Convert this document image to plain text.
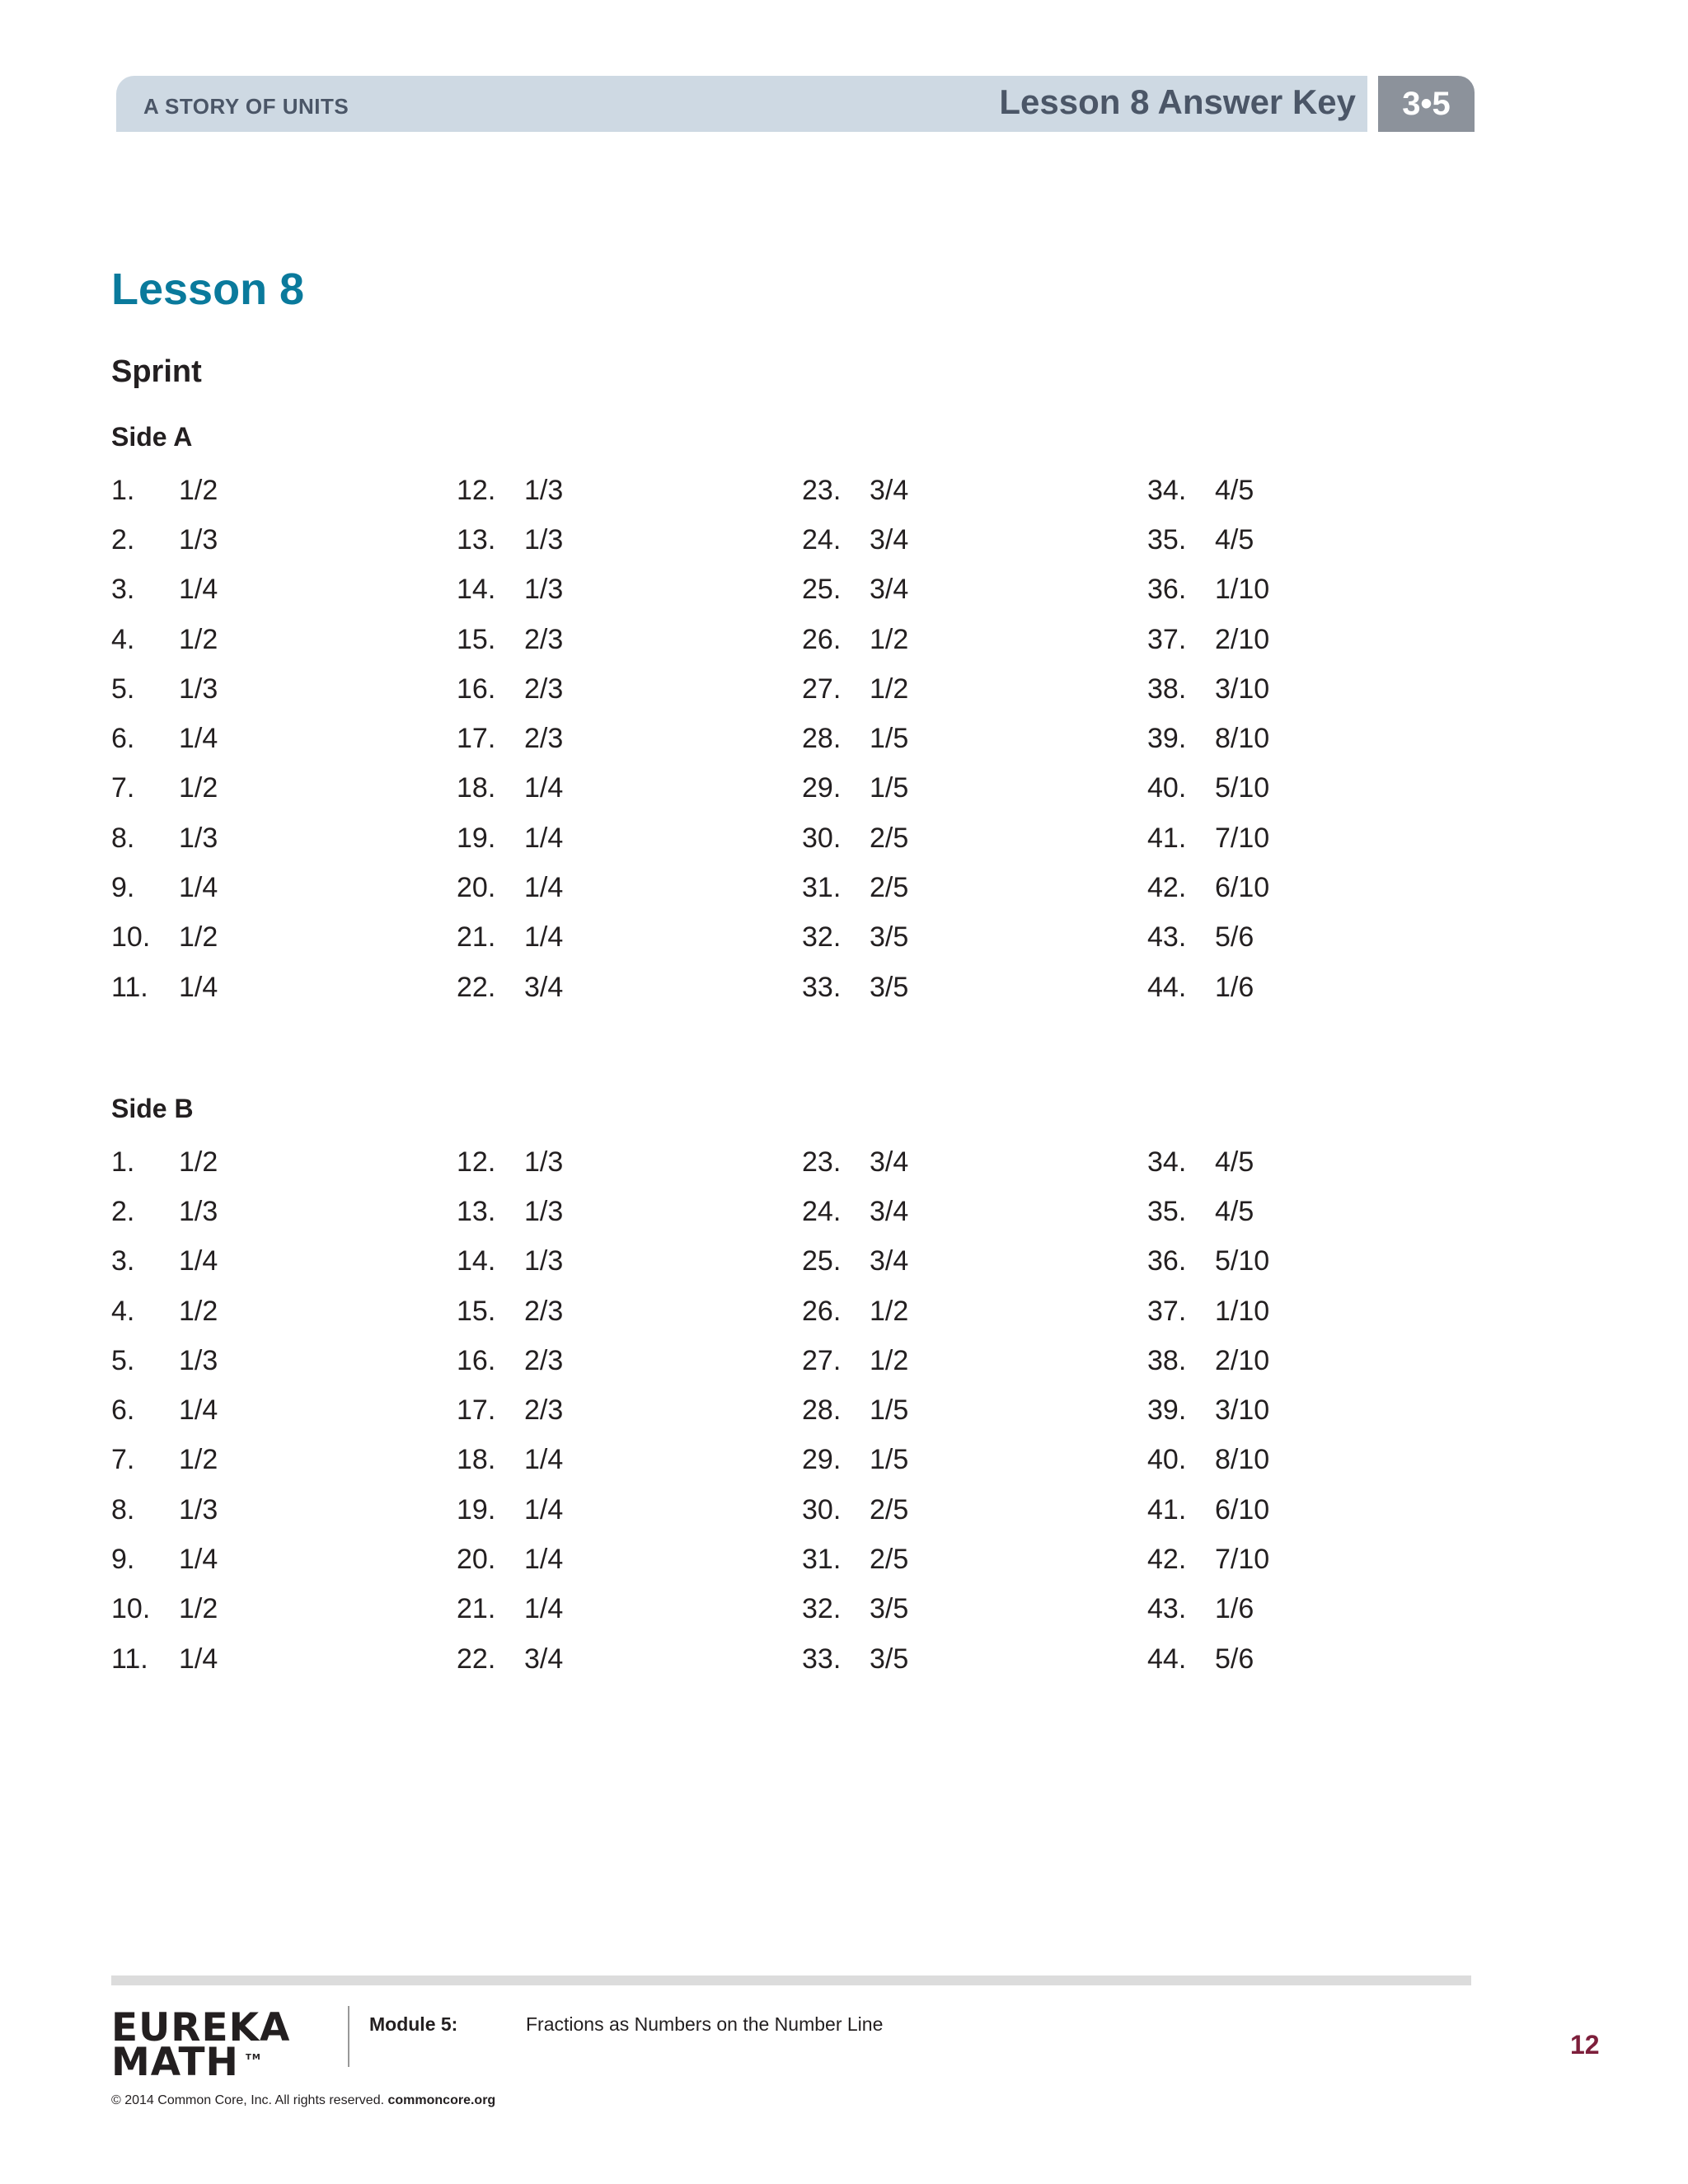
A STORY OF UNITS	Lesson 8 Answer Key	3•5
Lesson 8
Sprint
Side A
1.	1/2	12.	1/3	23.	3/4	34.	4/5
2.	1/3	13.	1/3	24.	3/4	35.	4/5
3.	1/4	14.	1/3	25.	3/4	36.	1/10
4.	1/2	15.	2/3	26.	1/2	37.	2/10
5.	1/3	16.	2/3	27.	1/2	38.	3/10
6.	1/4	17.	2/3	28.	1/5	39.	8/10
7.	1/2	18.	1/4	29.	1/5	40.	5/10
8.	1/3	19.	1/4	30.	2/5	41.	7/10
9.	1/4	20.	1/4	31.	2/5	42.	6/10
10.	1/2	21.	1/4	32.	3/5	43.	5/6
11.	1/4	22.	3/4	33.	3/5	44.	1/6
Side B
1.	1/2	12.	1/3	23.	3/4	34.	4/5
2.	1/3	13.	1/3	24.	3/4	35.	4/5
3.	1/4	14.	1/3	25.	3/4	36.	5/10
4.	1/2	15.	2/3	26.	1/2	37.	1/10
5.	1/3	16.	2/3	27.	1/2	38.	2/10
6.	1/4	17.	2/3	28.	1/5	39.	3/10
7.	1/2	18.	1/4	29.	1/5	40.	8/10
8.	1/3	19.	1/4	30.	2/5	41.	6/10
9.	1/4	20.	1/4	31.	2/5	42.	7/10
10.	1/2	21.	1/4	32.	3/5	43.	1/6
11.	1/4	22.	3/4	33.	3/5	44.	5/6
EUREKA
MATH TM
Module 5:	Fractions as Numbers on the Number Line
12
© 2014 Common Core, Inc. All rights reserved. commoncore.org
